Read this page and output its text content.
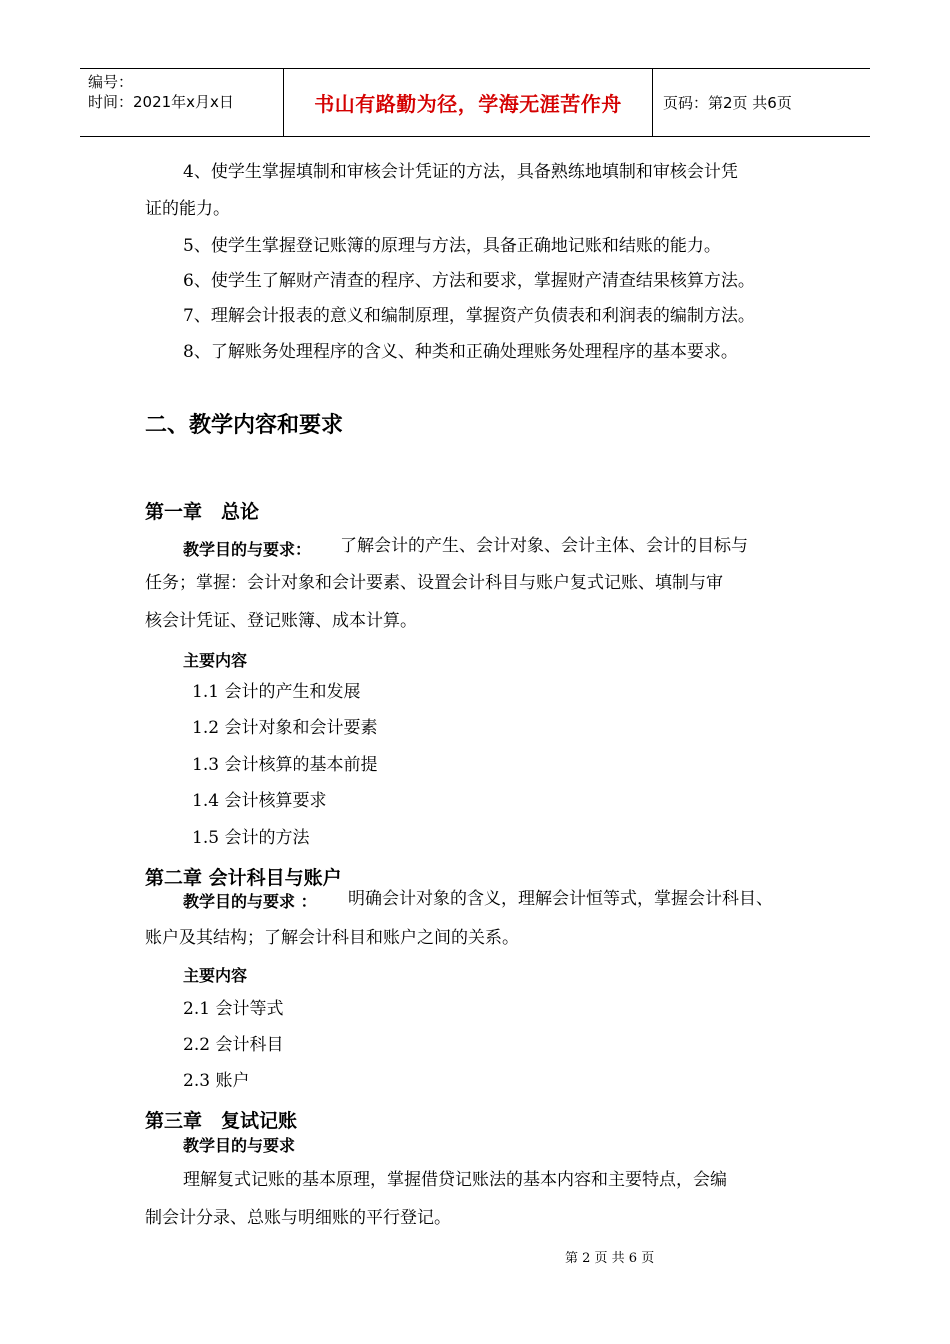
编号：
时间：2021年x月x日	书山有路勤为径，学海无涯苦作舟	页码：第2页 共6页
4、使学生掌握填制和审核会计凭证的方法，具备熟练地填制和审核会计凭
证的能力。
5、使学生掌握登记账簿的原理与方法，具备正确地记账和结账的能力。
6、使学生了解财产清查的程序、方法和要求，掌握财产清查结果核算方法。
7、理解会计报表的意义和编制原理，掌握资产负债表和利润表的编制方法。
8、了解账务处理程序的含义、种类和正确处理账务处理程序的基本要求。
二、教学内容和要求
第一章　总论
教学目的与要求： 了解会计的产生、会计对象、会计主体、会计的目标与
任务；掌握：会计对象和会计要素、设置会计科目与账户复式记账、填制与审
核会计凭证、登记账簿、成本计算。
主要内容
1.1 会计的产生和发展
1.2 会计对象和会计要素
1.3 会计核算的基本前提
1.4 会计核算要求
1.5 会计的方法
第二章 会计科目与账户
教学目的与要求 ： 明确会计对象的含义，理解会计恒等式，掌握会计科目、
账户及其结构；了解会计科目和账户之间的关系。
主要内容
2.1 会计等式
2.2 会计科目
2.3 账户
第三章　复试记账
教学目的与要求
理解复式记账的基本原理，掌握借贷记账法的基本内容和主要特点，会编
制会计分录、总账与明细账的平行登记。
第 2 页 共 6 页
